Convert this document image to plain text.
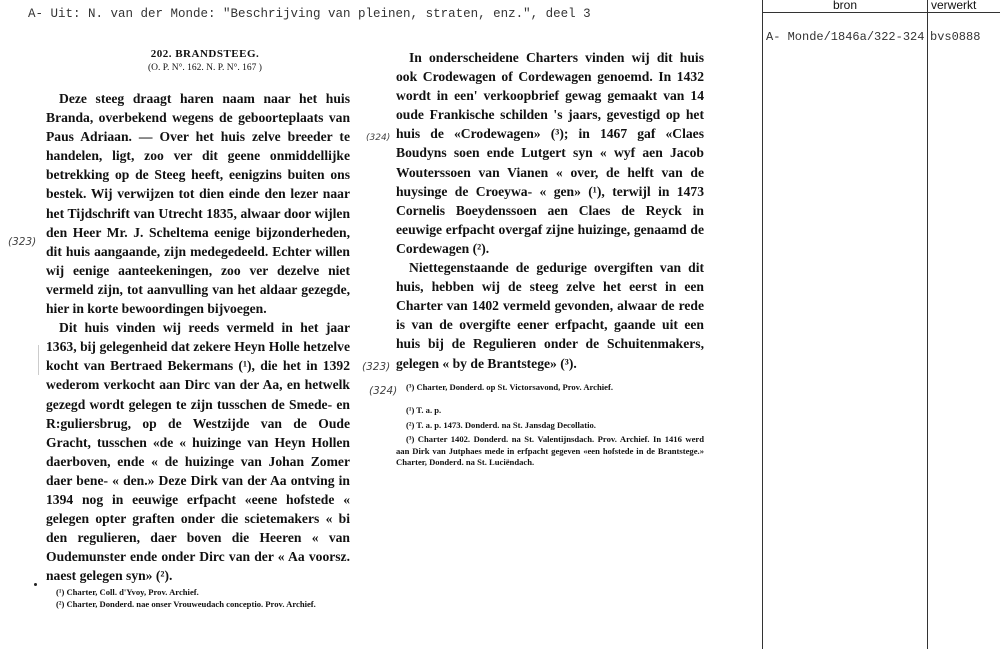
A- Uit: N. van der Monde: "Beschrijving van pleinen, straten, enz.", deel 3
bron	verwerkt
A- Monde/1846a/322-324 bvs0888
202. BRANDSTEEG.
(O. P. N°. 162. N. P. N°. 167 )

Deze steeg draagt haren naam naar het huis Branda, overbekend wegens de geboorteplaats van Paus Adriaan. — Over het huis zelve breeder te handelen, ligt, zoo ver dit geene onmiddellijke betrekking op de Steeg heeft, eenigzins buiten ons bestek. Wij verwijzen tot dien einde den lezer naar het Tijdschrift van Utrecht 1835, alwaar door wijlen den Heer Mr. J. Scheltema eenige bijzonderheden, dit huis aangaande, zijn medegedeeld. Echter willen wij eenige aanteekeningen, zoo ver dezelve niet vermeld zijn, tot aanvulling van het aldaar gezegde, hier in korte bewoordingen bijvoegen.

Dit huis vinden wij reeds vermeld in het jaar 1363, bij gelegenheid dat zekere Heyn Holle hetzelve kocht van Bertraed Bekermans (¹), die het in 1392 wederom verkocht aan Dirc van der Aa, en hetwelk gezegd wordt gelegen te zijn tusschen de Smede- en R:guliersbrug, op de Westzijde van de Oude Gracht, tusschen «de « huizinge van Heyn Hollen daerboven, ende « de huizinge van Johan Zomer daer bene- « den.» Deze Dirk van der Aa ontving in 1394 nog in eeuwige erfpacht «eene hofstede « gelegen opter graften onder die scietemakers « bi den regulieren, daer boven die Heeren « van Oudemunster ende onder Dirc van der « Aa voorsz. naest gelegen syn» (²).

(¹) Charter, Coll. d'Yvoy, Prov. Archief.

(²) Charter, Donderd. nae onser Vrouweudach conceptio. Prov. Archief.

In onderscheidene Charters vinden wij dit huis ook Crodewagen of Cordewagen genoemd. In 1432 wordt in een' verkoopbrief gewag gemaakt van 14 oude Frankische schilden 's jaars, gevestigd op het huis de «Crodewagen» (³); in 1467 gaf «Claes Boudyns soen ende Lutgert syn « wyf aen Jacob Wouterssoen van Vianen « over, de helft van de huysinge de Croeywa- « gen» (¹), terwijl in 1473 Cornelis Boeydenssoen aen Claes de Reyck in eeuwige erfpacht overgaf zijne huizinge, genaamd de Cordewagen (²).

Niettegenstaande de gedurige overgiften van dit huis, hebben wij de steeg zelve het eerst in een Charter van 1402 vermeld gevonden, alwaar de rede is van de overgifte eener erfpacht, gaande uit een huis bij de Regulieren onder de Schuitenmakers, gelegen « by de Brantstege» (³).

(³) Charter, Donderd. op St. Victorsavond, Prov. Archief.

(¹) T. a. p.

(²) T. a. p. 1473. Donderd. na St. Jansdag Decollatio.

(³) Charter 1402. Donderd. na St. Valentijnsdach. Prov. Archief. In 1416 werd aan Dirk van Jutphaes mede in erfpacht gegeven «een hofstede in de Brantstege.» Charter, Donderd. na St. Luciëndach.

(323)
(324)
(323)
(324)
